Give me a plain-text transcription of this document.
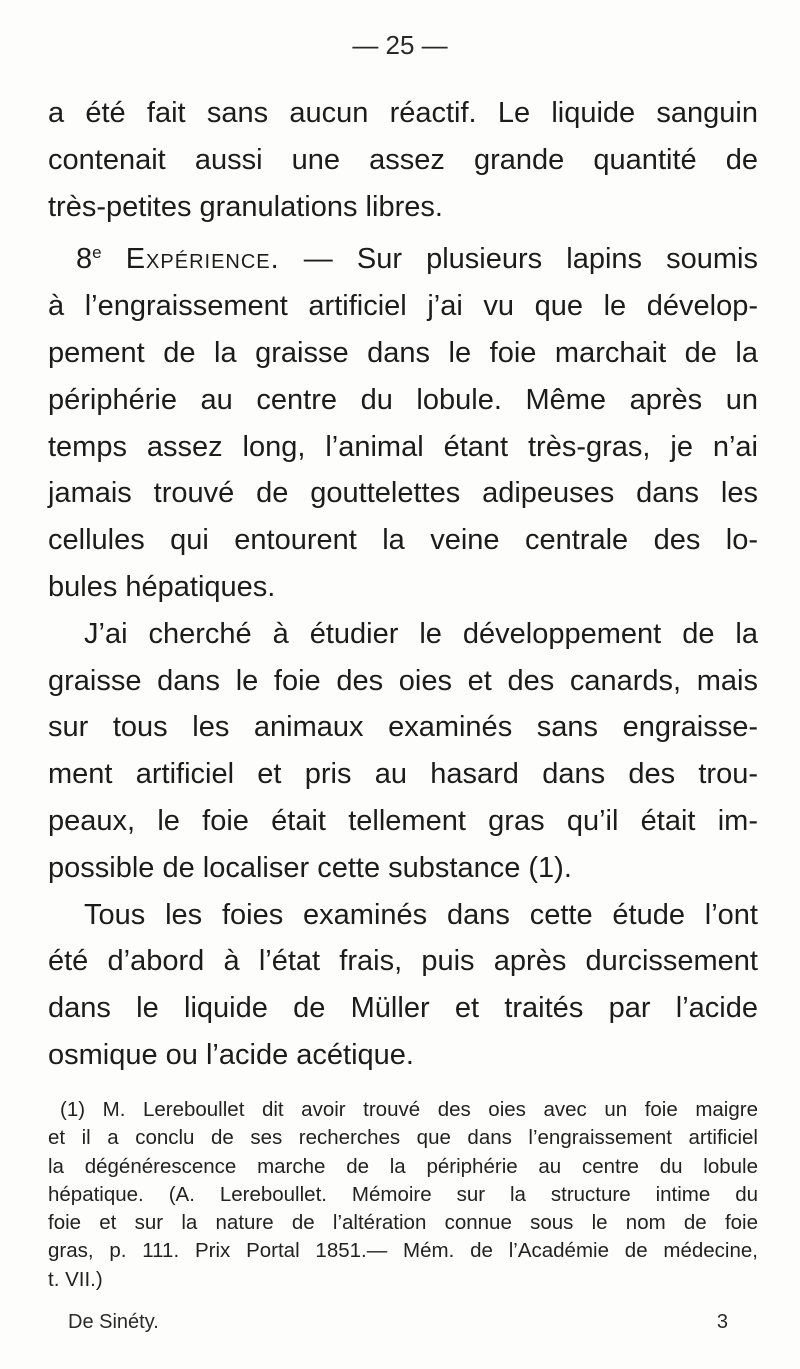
— 25 —
a été fait sans aucun réactif. Le liquide sanguin
contenait aussi une assez grande quantité de
très-petites granulations libres.
8e Expérience. — Sur plusieurs lapins soumis
à l’engraissement artificiel j’ai vu que le dévelop-
pement de la graisse dans le foie marchait de la
périphérie au centre du lobule. Même après un
temps assez long, l’animal étant très-gras, je n’ai
jamais trouvé de gouttelettes adipeuses dans les
cellules qui entourent la veine centrale des lo-
bules hépatiques.
J’ai cherché à étudier le développement de la
graisse dans le foie des oies et des canards, mais
sur tous les animaux examinés sans engraisse-
ment artificiel et pris au hasard dans des trou-
peaux, le foie était tellement gras qu’il était im-
possible de localiser cette substance (1).
Tous les foies examinés dans cette étude l’ont
été d’abord à l’état frais, puis après durcissement
dans le liquide de Müller et traités par l’acide
osmique ou l’acide acétique.
(1) M. Lereboullet dit avoir trouvé des oies avec un foie maigre
et il a conclu de ses recherches que dans l’engraissement artificiel
la dégénérescence marche de la périphérie au centre du lobule
hépatique. (A. Lereboullet. Mémoire sur la structure intime du
foie et sur la nature de l’altération connue sous le nom de foie
gras, p. 111. Prix Portal 1851.— Mém. de l’Académie de médecine,
t. VII.)
De Sinéty.	3
